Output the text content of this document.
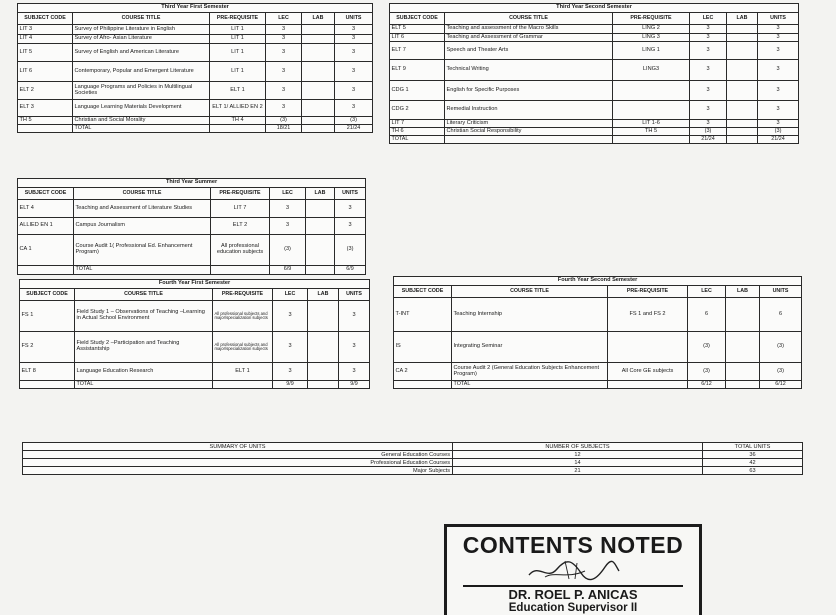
Third Year First Semester					
SUBJECT CODE	COURSE TITLE	PRE-REQUISITE	LEC	LAB	UNITS
LIT 3	Survey of Philippine Literature in English	LIT 1	3		3
LIT 4	Survey of Afro- Asian Literature	LIT 1	3		3
LIT 5	Survey of English and American Literature	LIT 1	3		3
LIT 6	Contemporary, Popular and Emergent Literature	LIT 1	3		3
ELT 2	Language Programs and Policies in Multilingual Societies	ELT 1	3		3
ELT 3	Language Learning Materials Development	ELT 1/ ALLIED EN 2	3		3
TH 5	Christian and Social Morality	TH 4	(3)		(3)
	TOTAL		18/21		21/24
Third Year Second Semester					
SUBJECT CODE	COURSE TITLE	PRE-REQUISITE	LEC	LAB	UNITS
ELT 5	Teaching and assessment of the Macro Skills	LING 2	3		3
LIT 6	Teaching and Assessment of Grammar	LING 3	3		3
ELT 7	Speech and Theater Arts	LING 1	3		3
ELT 9	Technical Writing	LING3	3		3
CDG 1	English for Specific Purposes		3		3
CDG 2	Remedial Instruction		3		3
LIT 7	Literary Criticism	LIT 1-6	3		3
TH 6	Christian Social Responsibility	TH 5	(3)		(3)
TOTAL			21/24		21/24
Third Year Summer					
SUBJECT CODE	COURSE TITLE	PRE-REQUISITE	LEC	LAB	UNITS
ELT 4	Teaching and Assessment of Literature Studies	LIT 7	3		3
ALLIED EN 1	Campus Journalism	ELT 2	3		3
CA 1	Course Audit 1( Professional Ed. Enhancement Program)	All professional education subjects	(3)		(3)
	TOTAL		6/9		6/9
Fourth Year First Semester					
SUBJECT CODE	COURSE TITLE	PRE-REQUISITE	LEC	LAB	UNITS
FS 1	Field Study 1 – Observations of Teaching –Learning in Actual School Environment	All professional subjects and major/specialization subjects	3		3
FS 2	Field Study 2 –Participation and Teaching Assistantship	All professional subjects and major/specialization subjects	3		3
ELT 8	Language Education Research	ELT 1	3		3
	TOTAL		9/9		9/9
Fourth Year Second Semester					
SUBJECT CODE	COURSE TITLE	PRE-REQUISITE	LEC	LAB	UNITS
T-INT	Teaching Internship	FS 1 and FS 2	6		6
IS	Integrating Seminar		(3)		(3)
CA 2	Course Audit 2 (General Education Subjects Enhancement Program)	All Core GE subjects	(3)		(3)
	TOTAL		6/12		6/12
SUMMARY OF UNITS	NUMBER OF SUBJECTS	TOTAL UNITS
General Education Courses	12	36
Professional Education Courses	14	42
Major Subjects	21	63
CONTENTS NOTED
DR. ROEL P. ANICAS
Education Supervisor II
